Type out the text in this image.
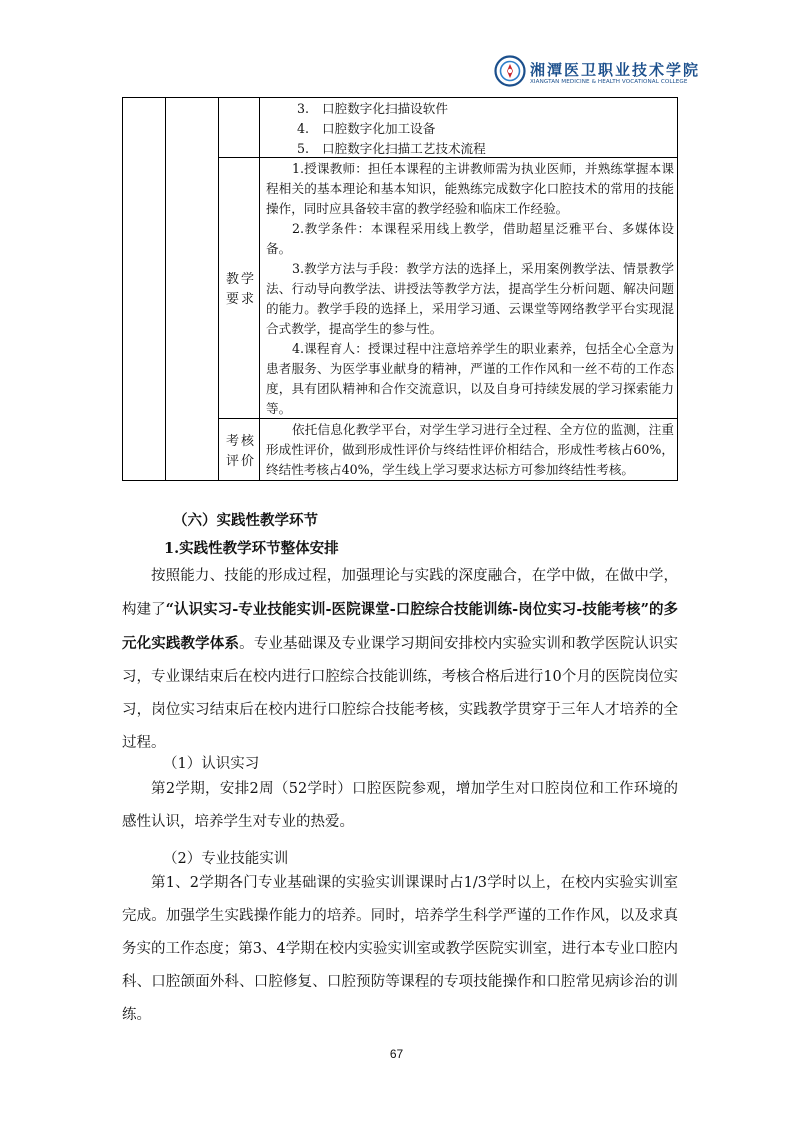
湘潭医卫职业技术学院
XIANGTAN MEDICINE & HEALTH VOCATIONAL COLLEGE
3. 口腔数字化扫描设软件
4. 口腔数字化加工设备
5. 口腔数字化扫描工艺技术流程
教学要求
1.授课教师：担任本课程的主讲教师需为执业医师，并熟练掌握本课程相关的基本理论和基本知识，能熟练完成数字化口腔技术的常用的技能操作，同时应具备较丰富的教学经验和临床工作经验。
2.教学条件：本课程采用线上教学，借助超星泛雅平台、多媒体设备。
3.教学方法与手段：教学方法的选择上，采用案例教学法、情景教学法、行动导向教学法、讲授法等教学方法，提高学生分析问题、解决问题的能力。教学手段的选择上，采用学习通、云课堂等网络教学平台实现混合式教学，提高学生的参与性。
4.课程育人：授课过程中注意培养学生的职业素养，包括全心全意为患者服务、为医学事业献身的精神，严谨的工作作风和一丝不苟的工作态度，具有团队精神和合作交流意识，以及自身可持续发展的学习探索能力等。
考核评价
依托信息化教学平台，对学生学习进行全过程、全方位的监测，注重形成性评价，做到形成性评价与终结性评价相结合，形成性考核占60%，终结性考核占40%，学生线上学习要求达标方可参加终结性考核。
（六）实践性教学环节
1.实践性教学环节整体安排
按照能力、技能的形成过程，加强理论与实践的深度融合，在学中做，在做中学，构建了“认识实习-专业技能实训-医院课堂-口腔综合技能训练-岗位实习-技能考核”的多元化实践教学体系。专业基础课及专业课学习期间安排校内实验实训和教学医院认识实习，专业课结束后在校内进行口腔综合技能训练，考核合格后进行10个月的医院岗位实习，岗位实习结束后在校内进行口腔综合技能考核，实践教学贯穿于三年人才培养的全过程。
（1）认识实习
第2学期，安排2周（52学时）口腔医院参观，增加学生对口腔岗位和工作环境的感性认识，培养学生对专业的热爱。
（2）专业技能实训
第1、2学期各门专业基础课的实验实训课课时占1/3学时以上，在校内实验实训室完成。加强学生实践操作能力的培养。同时，培养学生科学严谨的工作作风，以及求真务实的工作态度；第3、4学期在校内实验实训室或教学医院实训室，进行本专业口腔内科、口腔颌面外科、口腔修复、口腔预防等课程的专项技能操作和口腔常见病诊治的训练。
67
